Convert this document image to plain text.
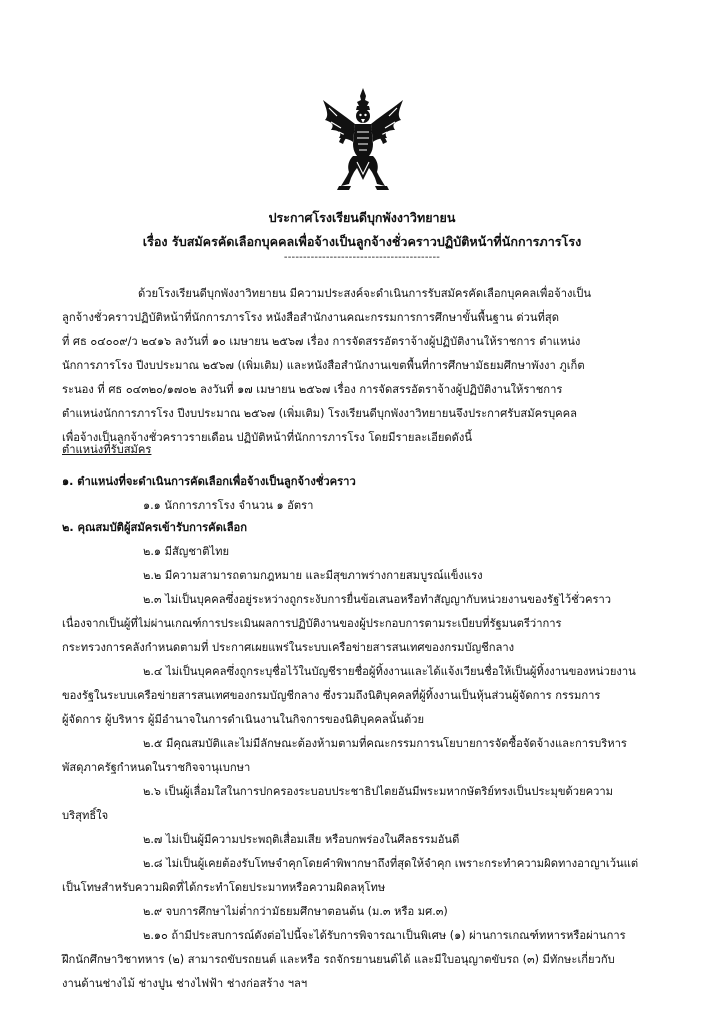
ประกาศโรงเรียนดีบุกพังงาวิทยายน
เรื่อง รับสมัครคัดเลือกบุคคลเพื่อจ้างเป็นลูกจ้างชั่วคราวปฏิบัติหน้าที่นักการภารโรง
-----------------------------------------
ด้วยโรงเรียนดีบุกพังงาวิทยายน มีความประสงค์จะดำเนินการรับสมัครคัดเลือกบุคคลเพื่อจ้างเป็น
ลูกจ้างชั่วคราวปฏิบัติหน้าที่นักการภารโรง หนังสือสำนักงานคณะกรรมการการศึกษาขั้นพื้นฐาน ด่วนที่สุด
ที่ ศธ ๐๔๐๐๙/ว ๒๔๑๖ ลงวันที่ ๑๐ เมษายน ๒๕๖๗ เรื่อง การจัดสรรอัตราจ้างผู้ปฏิบัติงานให้ราชการ ตำแหน่ง
นักการภารโรง ปีงบประมาณ ๒๕๖๗ (เพิ่มเติม) และหนังสือสำนักงานเขตพื้นที่การศึกษามัธยมศึกษาพังงา ภูเก็ต
ระนอง ที่ ศธ ๐๔๓๒๐/๑๗๐๒ ลงวันที่ ๑๗ เมษายน ๒๕๖๗ เรื่อง การจัดสรรอัตราจ้างผู้ปฏิบัติงานให้ราชการ
ตำแหน่งนักการภารโรง ปีงบประมาณ ๒๕๖๗ (เพิ่มเติม) โรงเรียนดีบุกพังงาวิทยายนจึงประกาศรับสมัครบุคคล
เพื่อจ้างเป็นลูกจ้างชั่วคราวรายเดือน ปฏิบัติหน้าที่นักการภารโรง โดยมีรายละเอียดดังนี้
ตำแหน่งที่รับสมัคร
๑. ตำแหน่งที่จะดำเนินการคัดเลือกเพื่อจ้างเป็นลูกจ้างชั่วคราว
๑.๑ นักการภารโรง จำนวน ๑ อัตรา
๒. คุณสมบัติผู้สมัครเข้ารับการคัดเลือก
๒.๑ มีสัญชาติไทย
๒.๒ มีความสามารถตามกฎหมาย และมีสุขภาพร่างกายสมบูรณ์แข็งแรง
๒.๓ ไม่เป็นบุคคลซึ่งอยู่ระหว่างถูกระงับการยื่นข้อเสนอหรือทำสัญญากับหน่วยงานของรัฐไว้ชั่วคราว
เนื่องจากเป็นผู้ที่ไม่ผ่านเกณฑ์การประเมินผลการปฏิบัติงานของผู้ประกอบการตามระเบียบที่รัฐมนตรีว่าการ
กระทรวงการคลังกำหนดตามที่ ประกาศเผยแพร่ในระบบเครือข่ายสารสนเทศของกรมบัญชีกลาง
๒.๔ ไม่เป็นบุคคลซึ่งถูกระบุชื่อไว้ในบัญชีรายชื่อผู้ทิ้งงานและได้แจ้งเวียนชื่อให้เป็นผู้ทิ้งงานของหน่วยงาน
ของรัฐในระบบเครือข่ายสารสนเทศของกรมบัญชีกลาง ซึ่งรวมถึงนิติบุคคลที่ผู้ทิ้งงานเป็นหุ้นส่วนผู้จัดการ กรรมการ
ผู้จัดการ ผู้บริหาร ผู้มีอำนาจในการดำเนินงานในกิจการของนิติบุคคลนั้นด้วย
๒.๕ มีคุณสมบัติและไม่มีลักษณะต้องห้ามตามที่คณะกรรมการนโยบายการจัดซื้อจัดจ้างและการบริหาร
พัสดุภาครัฐกำหนดในราชกิจจานุเบกษา
๒.๖ เป็นผู้เลื่อมใสในการปกครองระบอบประชาธิปไตยอันมีพระมหากษัตริย์ทรงเป็นประมุขด้วยความ
บริสุทธิ์ใจ
๒.๗ ไม่เป็นผู้มีความประพฤติเสื่อมเสีย หรือบกพร่องในศีลธรรมอันดี
๒.๘ ไม่เป็นผู้เคยต้องรับโทษจำคุกโดยคำพิพากษาถึงที่สุดให้จำคุก เพราะกระทำความผิดทางอาญาเว้นแต่
เป็นโทษสำหรับความผิดที่ได้กระทำโดยประมาทหรือความผิดลหุโทษ
๒.๙ จบการศึกษาไม่ต่ำกว่ามัธยมศึกษาตอนต้น (ม.๓ หรือ มศ.๓)
๒.๑๐ ถ้ามีประสบการณ์ดังต่อไปนี้จะได้รับการพิจารณาเป็นพิเศษ (๑) ผ่านการเกณฑ์ทหารหรือผ่านการ
ฝึกนักศึกษาวิชาทหาร (๒) สามารถขับรถยนต์ และหรือ รถจักรยานยนต์ได้ และมีใบอนุญาตขับรถ (๓) มีทักษะเกี่ยวกับ
งานด้านช่างไม้ ช่างปูน ช่างไฟฟ้า ช่างก่อสร้าง ฯลฯ
